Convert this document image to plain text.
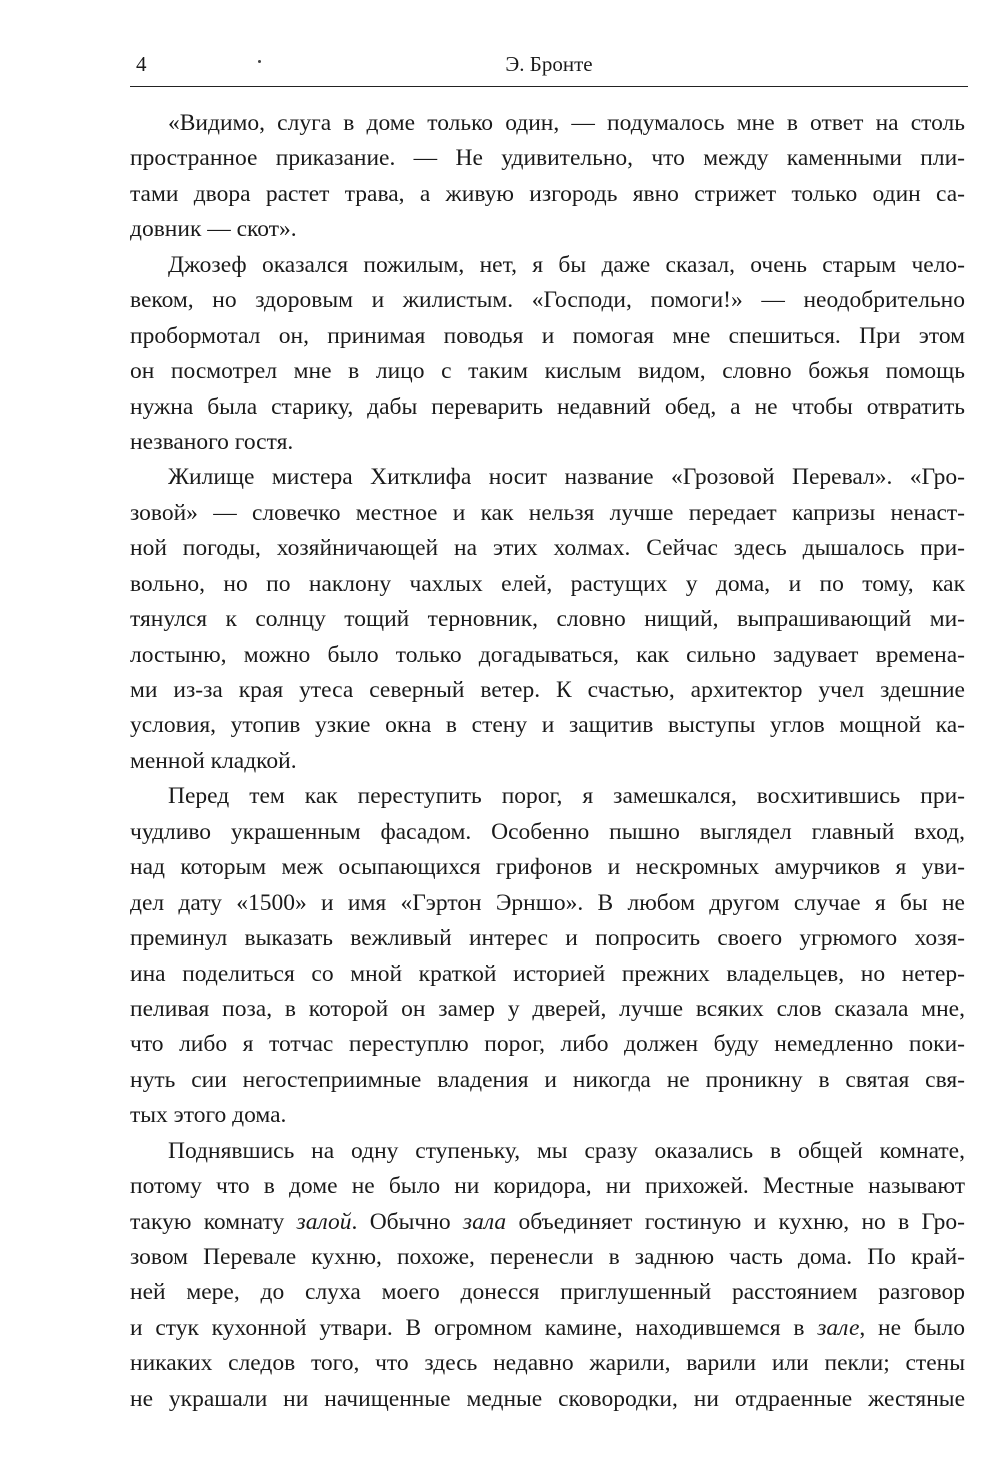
4	Э. Бронте
«Видимо, слуга в доме только один, — подумалось мне в ответ на столь
пространное приказание. — Не удивительно, что между каменными пли-
тами двора растет трава, а живую изгородь явно стрижет только один са-
довник — скот».
Джозеф оказался пожилым, нет, я бы даже сказал, очень старым чело-
веком, но здоровым и жилистым. «Господи, помоги!» — неодобрительно
пробормотал он, принимая поводья и помогая мне спешиться. При этом
он посмотрел мне в лицо с таким кислым видом, словно божья помощь
нужна была старику, дабы переварить недавний обед, а не чтобы отвратить
незваного гостя.
Жилище мистера Хитклифа носит название «Грозовой Перевал». «Гро-
зовой» — словечко местное и как нельзя лучше передает капризы ненаст-
ной погоды, хозяйничающей на этих холмах. Сейчас здесь дышалось при-
вольно, но по наклону чахлых елей, растущих у дома, и по тому, как
тянулся к солнцу тощий терновник, словно нищий, выпрашивающий ми-
лостыню, можно было только догадываться, как сильно задувает времена-
ми из-за края утеса северный ветер. К счастью, архитектор учел здешние
условия, утопив узкие окна в стену и защитив выступы углов мощной ка-
менной кладкой.
Перед тем как переступить порог, я замешкался, восхитившись при-
чудливо украшенным фасадом. Особенно пышно выглядел главный вход,
над которым меж осыпающихся грифонов и нескромных амурчиков я уви-
дел дату «1500» и имя «Гэртон Эрншо». В любом другом случае я бы не
преминул выказать вежливый интерес и попросить своего угрюмого хозя-
ина поделиться со мной краткой историей прежних владельцев, но нетер-
пеливая поза, в которой он замер у дверей, лучше всяких слов сказала мне,
что либо я тотчас переступлю порог, либо должен буду немедленно поки-
нуть сии негостеприимные владения и никогда не проникну в святая свя-
тых этого дома.
Поднявшись на одну ступеньку, мы сразу оказались в общей комнате,
потому что в доме не было ни коридора, ни прихожей. Местные называют
такую комнату залой. Обычно зала объединяет гостиную и кухню, но в Гро-
зовом Перевале кухню, похоже, перенесли в заднюю часть дома. По край-
ней мере, до слуха моего донесся приглушенный расстоянием разговор
и стук кухонной утвари. В огромном камине, находившемся в зале, не было
никаких следов того, что здесь недавно жарили, варили или пекли; стены
не украшали ни начищенные медные сковородки, ни отдраенные жестяные
